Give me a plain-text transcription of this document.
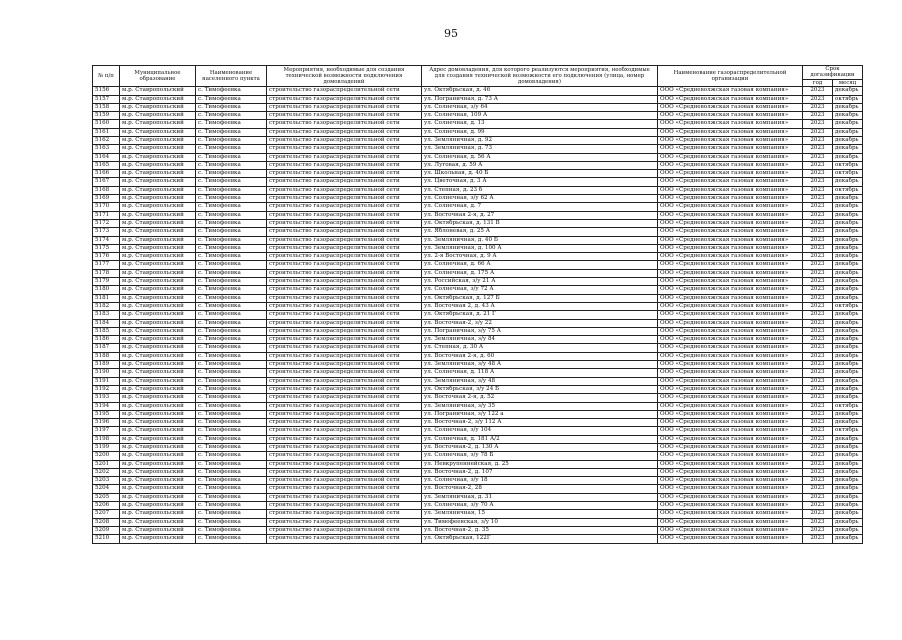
95
№ п/п	Муниципальное образование	Наименование населенного пункта	Мероприятия, необходимые для создания технической возможности подключения домовладений	Адрес домовладения, для которого реализуются мероприятия, необходимые для создания технической возможности его подключения (улица, номер домовладения)	Наименование газораспределительной организации	Срок догазификации	
						год	месяц
5156	м.р. Ставропольский	с. Тимофеевка	строительство газораспределительной сети	ул. Октябрьская, д. 46	ООО «Средневолжская газовая компания»	2023	декабрь
5157	м.р. Ставропольский	с. Тимофеевка	строительство газораспределительной сети	ул. Пограничная, д. 73 А	ООО «Средневолжская газовая компания»	2023	октябрь
5158	м.р. Ставропольский	с. Тимофеевка	строительство газораспределительной сети	ул. Солнечная, з/у 64	ООО «Средневолжская газовая компания»	2023	декабрь
5159	м.р. Ставропольский	с. Тимофеевка	строительство газораспределительной сети	ул. Солнечная, 109 А	ООО «Средневолжская газовая компания»	2023	декабрь
5160	м.р. Ставропольский	с. Тимофеевка	строительство газораспределительной сети	ул. Солнечная, д. 13	ООО «Средневолжская газовая компания»	2023	декабрь
5161	м.р. Ставропольский	с. Тимофеевка	строительство газораспределительной сети	ул. Солнечная, д. 99	ООО «Средневолжская газовая компания»	2023	декабрь
5162	м.р. Ставропольский	с. Тимофеевка	строительство газораспределительной сети	ул. Земляничная, д. 92	ООО «Средневолжская газовая компания»	2023	декабрь
5163	м.р. Ставропольский	с. Тимофеевка	строительство газораспределительной сети	ул. Земляничная, д. 73	ООО «Средневолжская газовая компания»	2023	декабрь
5164	м.р. Ставропольский	с. Тимофеевка	строительство газораспределительной сети	ул. Солнечная, д. 56 А	ООО «Средневолжская газовая компания»	2023	декабрь
5165	м.р. Ставропольский	с. Тимофеевка	строительство газораспределительной сети	ул. Луговая, д. 59 А	ООО «Средневолжская газовая компания»	2023	октябрь
5166	м.р. Ставропольский	с. Тимофеевка	строительство газораспределительной сети	ул. Школьная, д. 40 Б	ООО «Средневолжская газовая компания»	2023	октябрь
5167	м.р. Ставропольский	с. Тимофеевка	строительство газораспределительной сети	ул. Цветочная, д. 3 А	ООО «Средневолжская газовая компания»	2023	декабрь
5168	м.р. Ставропольский	с. Тимофеевка	строительство газораспределительной сети	ул. Степная, д. 23 б	ООО «Средневолжская газовая компания»	2023	октябрь
5169	м.р. Ставропольский	с. Тимофеевка	строительство газораспределительной сети	ул. Солнечная, з/у 62 А	ООО «Средневолжская газовая компания»	2023	декабрь
5170	м.р. Ставропольский	с. Тимофеевка	строительство газораспределительной сети	ул. Солнечная, д. 7	ООО «Средневолжская газовая компания»	2023	декабрь
5171	м.р. Ставропольский	с. Тимофеевка	строительство газораспределительной сети	ул. Восточная 2-я, д. 27	ООО «Средневолжская газовая компания»	2023	декабрь
5172	м.р. Ставропольский	с. Тимофеевка	строительство газораспределительной сети	ул. Октябрьская, д. 131 В	ООО «Средневолжская газовая компания»	2023	декабрь
5173	м.р. Ставропольский	с. Тимофеевка	строительство газораспределительной сети	ул. Яблоневая, д. 25 А	ООО «Средневолжская газовая компания»	2023	декабрь
5174	м.р. Ставропольский	с. Тимофеевка	строительство газораспределительной сети	ул. Земляничная, д. 40 Б	ООО «Средневолжская газовая компания»	2023	декабрь
5175	м.р. Ставропольский	с. Тимофеевка	строительство газораспределительной сети	ул. Земляничная, д. 100 А	ООО «Средневолжская газовая компания»	2023	декабрь
5176	м.р. Ставропольский	с. Тимофеевка	строительство газораспределительной сети	ул. 2-я Восточная, д. 9 А	ООО «Средневолжская газовая компания»	2023	декабрь
5177	м.р. Ставропольский	с. Тимофеевка	строительство газораспределительной сети	ул. Солнечная, д. 66 А	ООО «Средневолжская газовая компания»	2023	декабрь
5178	м.р. Ставропольский	с. Тимофеевка	строительство газораспределительной сети	ул. Солнечная, д. 175 А	ООО «Средневолжская газовая компания»	2023	декабрь
5179	м.р. Ставропольский	с. Тимофеевка	строительство газораспределительной сети	ул. Российская, з/у 21 А	ООО «Средневолжская газовая компания»	2023	декабрь
5180	м.р. Ставропольский	с. Тимофеевка	строительство газораспределительной сети	ул. Солнечная, з/у 72 А	ООО «Средневолжская газовая компания»	2023	декабрь
5181	м.р. Ставропольский	с. Тимофеевка	строительство газораспределительной сети	ул. Октябрьская, д. 127 Б	ООО «Средневолжская газовая компания»	2023	декабрь
5182	м.р. Ставропольский	с. Тимофеевка	строительство газораспределительной сети	ул. Восточная 2, д. 43 А	ООО «Средневолжская газовая компания»	2023	октябрь
5183	м.р. Ставропольский	с. Тимофеевка	строительство газораспределительной сети	ул. Октябрьская, д. 21 Г	ООО «Средневолжская газовая компания»	2023	декабрь
5184	м.р. Ставропольский	с. Тимофеевка	строительство газораспределительной сети	ул. Восточная-2, з/у 22	ООО «Средневолжская газовая компания»	2023	декабрь
5185	м.р. Ставропольский	с. Тимофеевка	строительство газораспределительной сети	ул. Пограничная, з/у 75 А	ООО «Средневолжская газовая компания»	2023	декабрь
5186	м.р. Ставропольский	с. Тимофеевка	строительство газораспределительной сети	ул. Земляничная, з/у 84	ООО «Средневолжская газовая компания»	2023	декабрь
5187	м.р. Ставропольский	с. Тимофеевка	строительство газораспределительной сети	ул. Степная, д. 30 А	ООО «Средневолжская газовая компания»	2023	декабрь
5188	м.р. Ставропольский	с. Тимофеевка	строительство газораспределительной сети	ул. Восточная 2-я, д. 60	ООО «Средневолжская газовая компания»	2023	декабрь
5189	м.р. Ставропольский	с. Тимофеевка	строительство газораспределительной сети	ул. Земляничная, з/у 48 А	ООО «Средневолжская газовая компания»	2023	декабрь
5190	м.р. Ставропольский	с. Тимофеевка	строительство газораспределительной сети	ул. Солнечная, д. 118 А	ООО «Средневолжская газовая компания»	2023	декабрь
5191	м.р. Ставропольский	с. Тимофеевка	строительство газораспределительной сети	ул. Земляничная, з/у 48	ООО «Средневолжская газовая компания»	2023	декабрь
5192	м.р. Ставропольский	с. Тимофеевка	строительство газораспределительной сети	ул. Октябрьская, з/у 24 Б	ООО «Средневолжская газовая компания»	2023	декабрь
5193	м.р. Ставропольский	с. Тимофеевка	строительство газораспределительной сети	ул. Восточная 2-я, д. 52	ООО «Средневолжская газовая компания»	2023	декабрь
5194	м.р. Ставропольский	с. Тимофеевка	строительство газораспределительной сети	ул. Земляничная, з/у 35	ООО «Средневолжская газовая компания»	2023	октябрь
5195	м.р. Ставропольский	с. Тимофеевка	строительство газораспределительной сети	ул. Пограничная, з/у 122 а	ООО «Средневолжская газовая компания»	2023	декабрь
5196	м.р. Ставропольский	с. Тимофеевка	строительство газораспределительной сети	ул. Восточная-2, з/у 112 А	ООО «Средневолжская газовая компания»	2023	декабрь
5197	м.р. Ставропольский	с. Тимофеевка	строительство газораспределительной сети	ул. Солнечная, з/у 104	ООО «Средневолжская газовая компания»	2023	октябрь
5198	м.р. Ставропольский	с. Тимофеевка	строительство газораспределительной сети	ул. Солнечная, д. 181 А/2	ООО «Средневолжская газовая компания»	2023	декабрь
5199	м.р. Ставропольский	с. Тимофеевка	строительство газораспределительной сети	ул. Восточная-2, д. 130 А	ООО «Средневолжская газовая компания»	2023	декабрь
5200	м.р. Ставропольский	с. Тимофеевка	строительство газораспределительной сети	ул. Солнечная, з/у 78 Б	ООО «Средневолжская газовая компания»	2023	декабрь
5201	м.р. Ставропольский	с. Тимофеевка	строительство газораспределительной сети	ул. Невкрупеннейская, д. 25	ООО «Средневолжская газовая компания»	2023	декабрь
5202	м.р. Ставропольский	с. Тимофеевка	строительство газораспределительной сети	ул. Восточная-2, д. 107	ООО «Средневолжская газовая компания»	2023	декабрь
5203	м.р. Ставропольский	с. Тимофеевка	строительство газораспределительной сети	ул. Солнечная, з/у 18	ООО «Средневолжская газовая компания»	2023	декабрь
5204	м.р. Ставропольский	с. Тимофеевка	строительство газораспределительной сети	ул. Восточная-2, 28	ООО «Средневолжская газовая компания»	2023	декабрь
5205	м.р. Ставропольский	с. Тимофеевка	строительство газораспределительной сети	ул. Земляничная, д. 31	ООО «Средневолжская газовая компания»	2023	декабрь
5206	м.р. Ставропольский	с. Тимофеевка	строительство газораспределительной сети	ул. Солнечная, з/у 70 А	ООО «Средневолжская газовая компания»	2023	декабрь
5207	м.р. Ставропольский	с. Тимофеевка	строительство газораспределительной сети	ул. Земляничная, 15	ООО «Средневолжская газовая компания»	2023	декабрь
5208	м.р. Ставропольский	с. Тимофеевка	строительство газораспределительной сети	ул. Тимофеевская, з/у 10	ООО «Средневолжская газовая компания»	2023	декабрь
5209	м.р. Ставропольский	с. Тимофеевка	строительство газораспределительной сети	ул. Восточная-2, д. 35	ООО «Средневолжская газовая компания»	2023	декабрь
5210	м.р. Ставропольский	с. Тимофеевка	строительство газораспределительной сети	ул. Октябрьская, 122Г	ООО «Средневолжская газовая компания»	2023	декабрь
